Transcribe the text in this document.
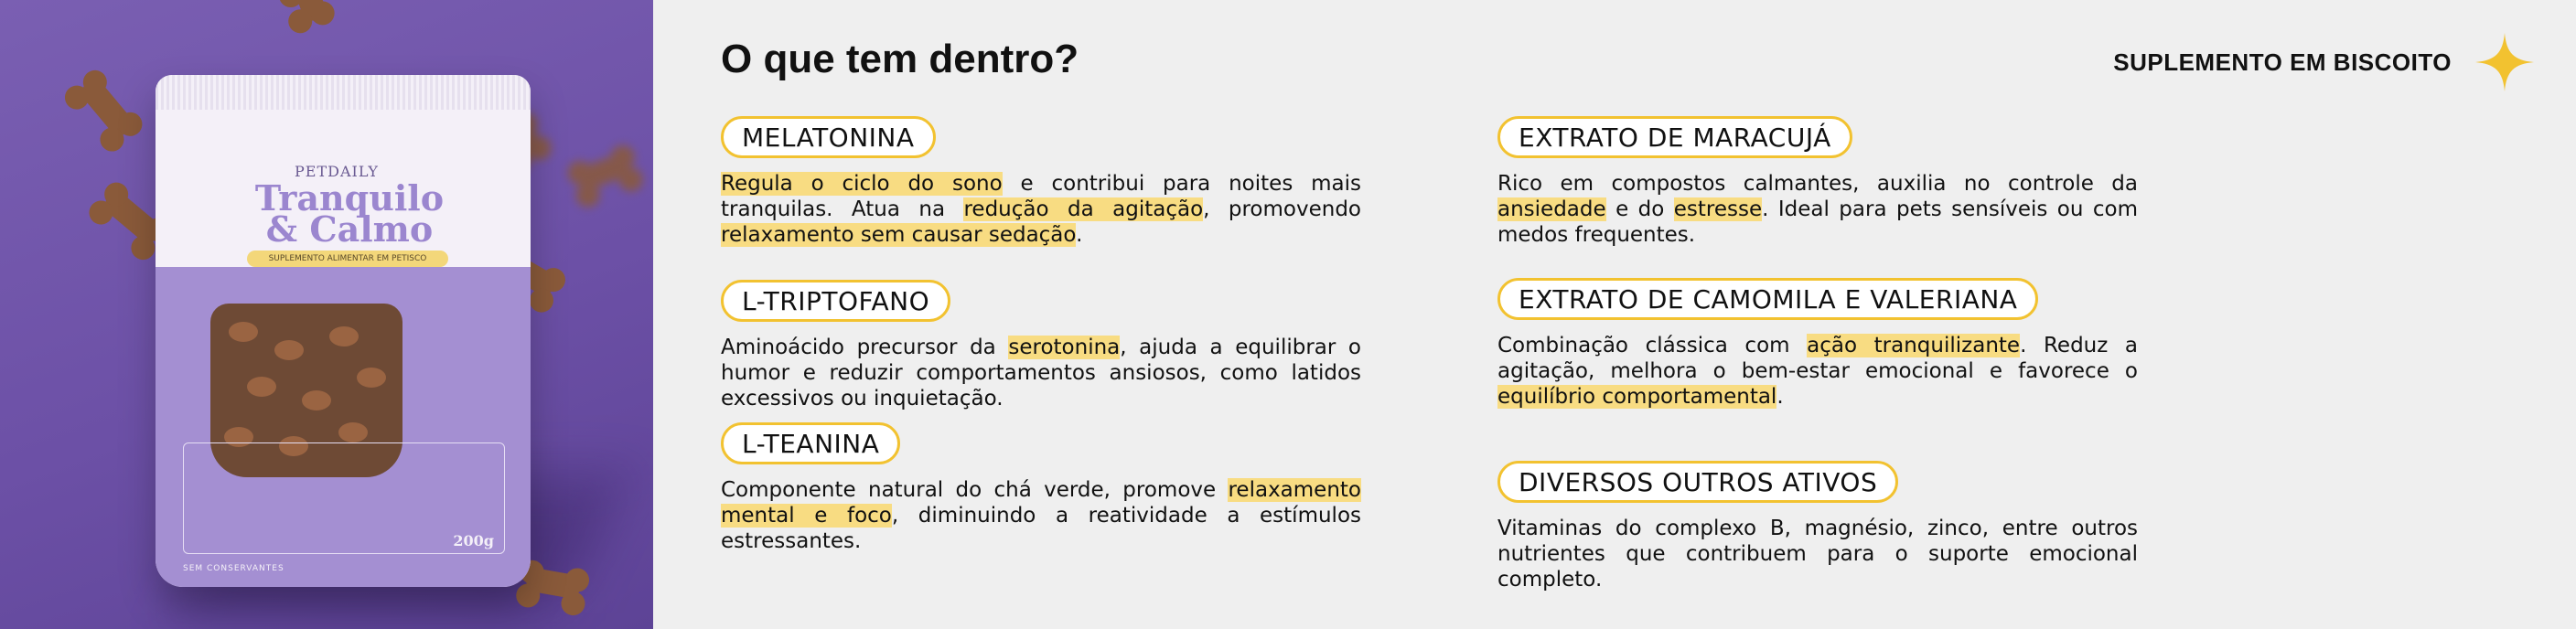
PETDAILY
Tranquilo
& Calmo
SUPLEMENTO ALIMENTAR EM PETISCO
200g
SEM CONSERVANTES
O que tem dentro?	SUPLEMENTO EM BISCOITO
MELATONINA
Regula o ciclo do sono e contribui para noites mais tranquilas. Atua na redução da agitação, promovendo relaxamento sem causar sedação.
L-TRIPTOFANO
Aminoácido precursor da serotonina, ajuda a equilibrar o humor e reduzir comportamentos ansiosos, como latidos excessivos ou inquietação.
L-TEANINA
Componente natural do chá verde, promove relaxamento mental e foco, diminuindo a reatividade a estímulos estressantes.
EXTRATO DE MARACUJÁ
Rico em compostos calmantes, auxilia no controle da ansiedade e do estresse. Ideal para pets sensíveis ou com medos frequentes.
EXTRATO DE CAMOMILA E VALERIANA
Combinação clássica com ação tranquilizante. Reduz a agitação, melhora o bem-estar emocional e favorece o equilíbrio comportamental.
DIVERSOS OUTROS ATIVOS
Vitaminas do complexo B, magnésio, zinco, entre outros nutrientes que contribuem para o suporte emocional completo.
